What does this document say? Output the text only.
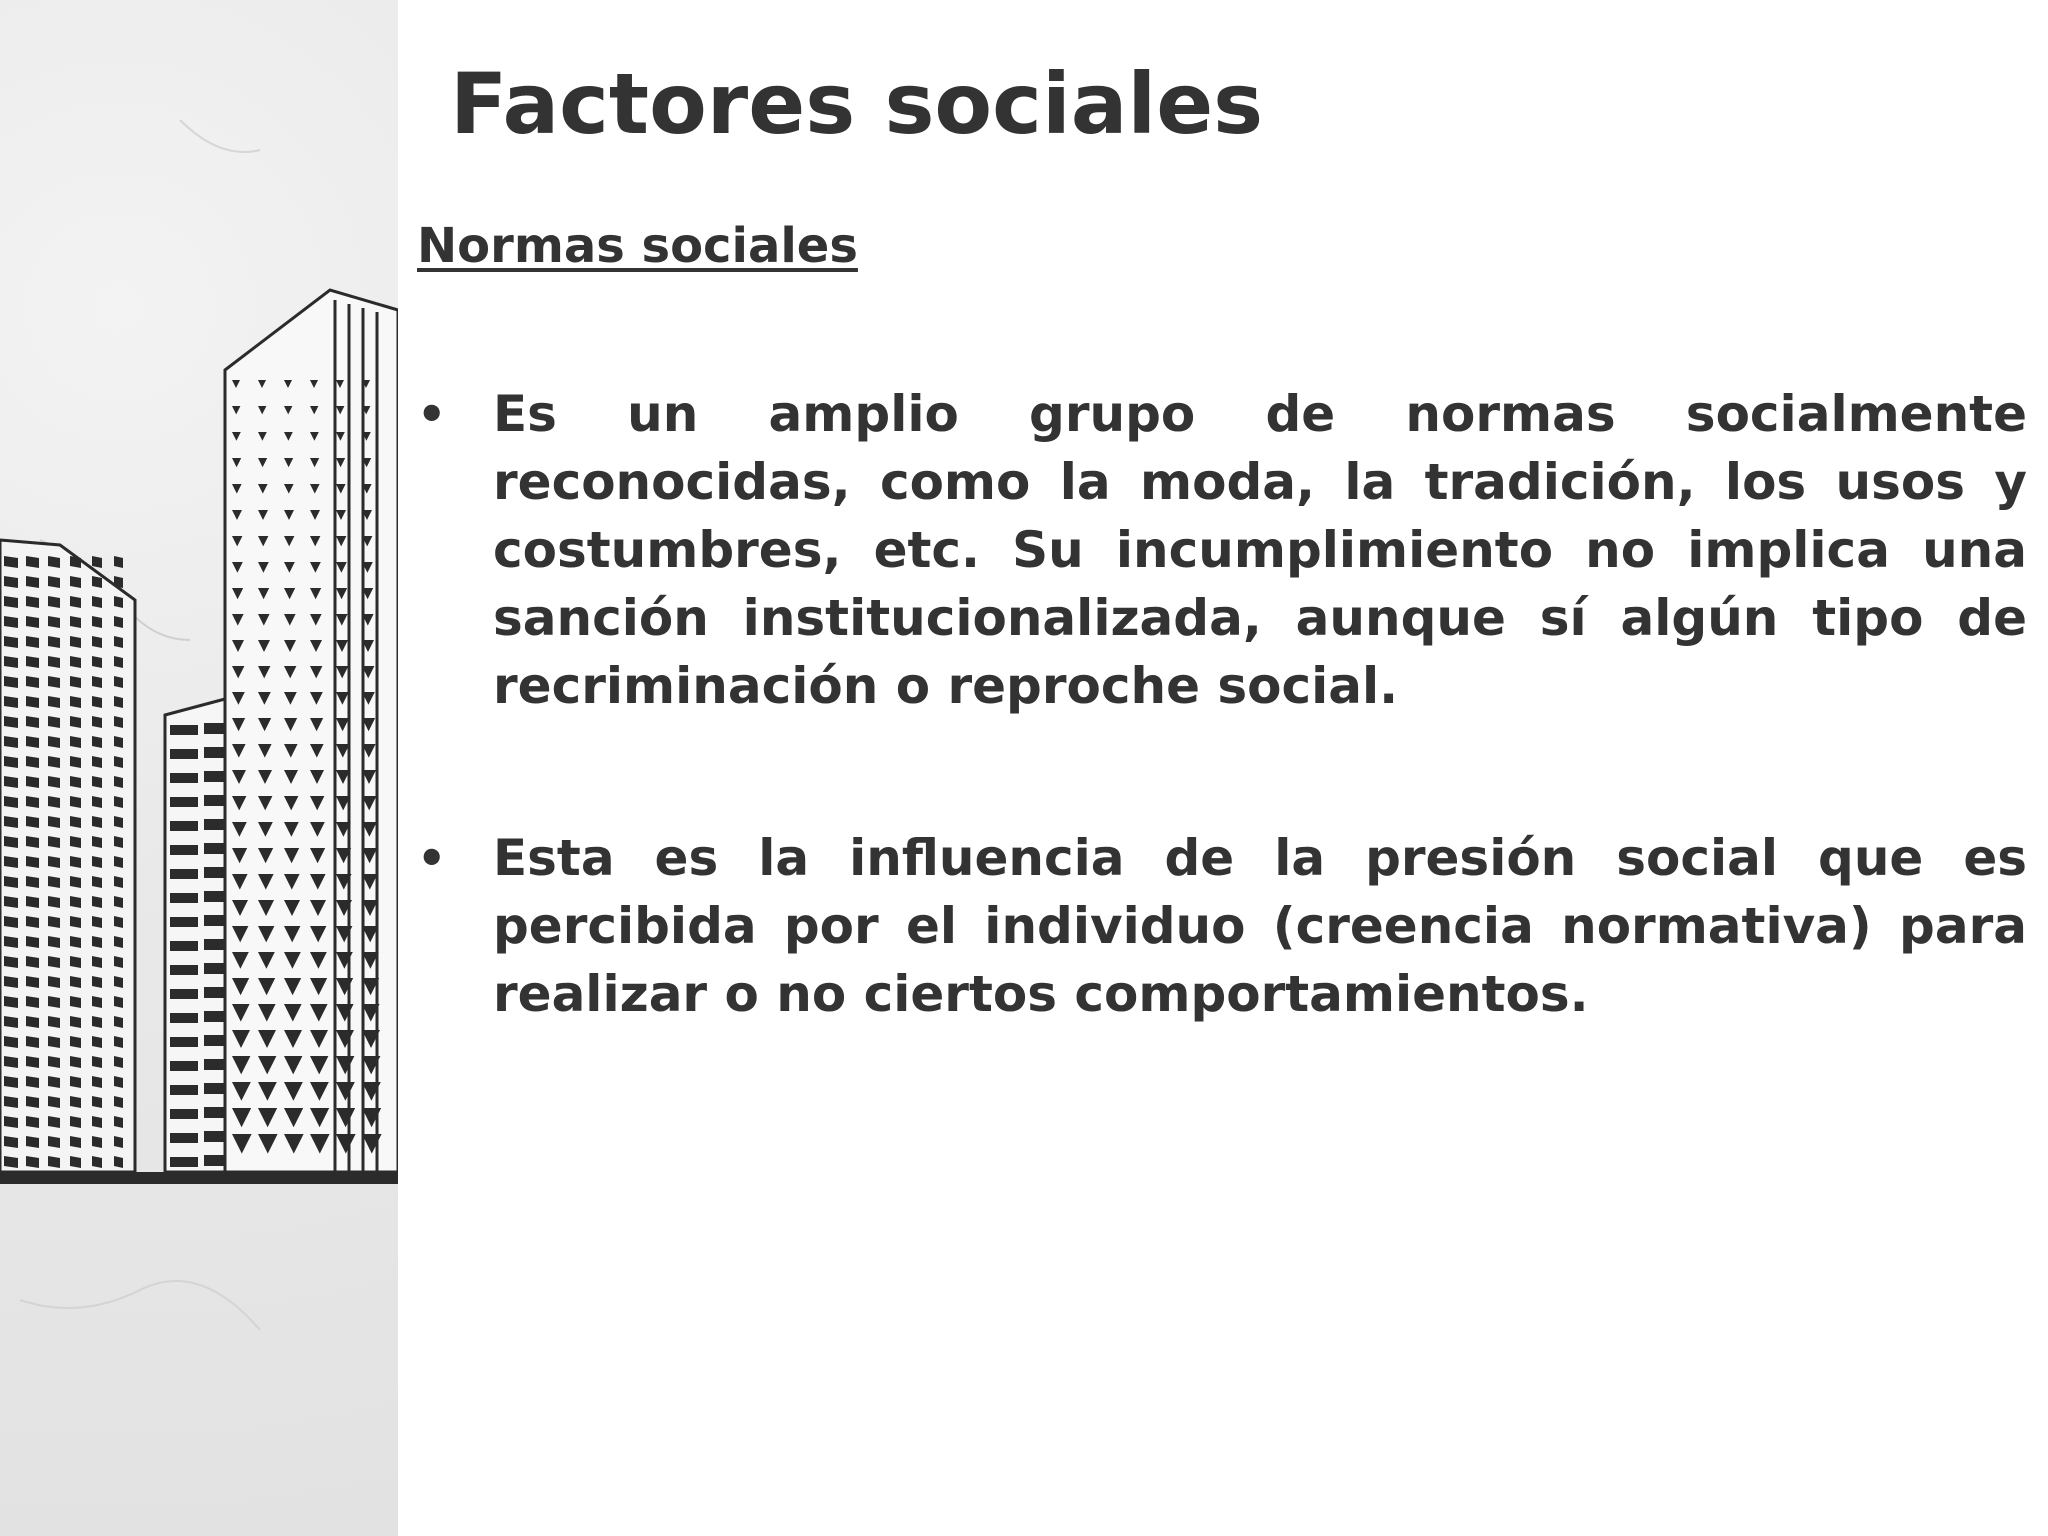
Factores sociales
Normas sociales
• Es un amplio grupo de normas socialmente reconocidas, como la moda, la tradición, los usos y costumbres, etc. Su incumplimiento no implica una sanción institucionalizada, aunque sí algún tipo de recriminación o reproche social.
• Esta es la influencia de la presión social que es percibida por el individuo (creencia normativa) para realizar o no ciertos comportamientos.
